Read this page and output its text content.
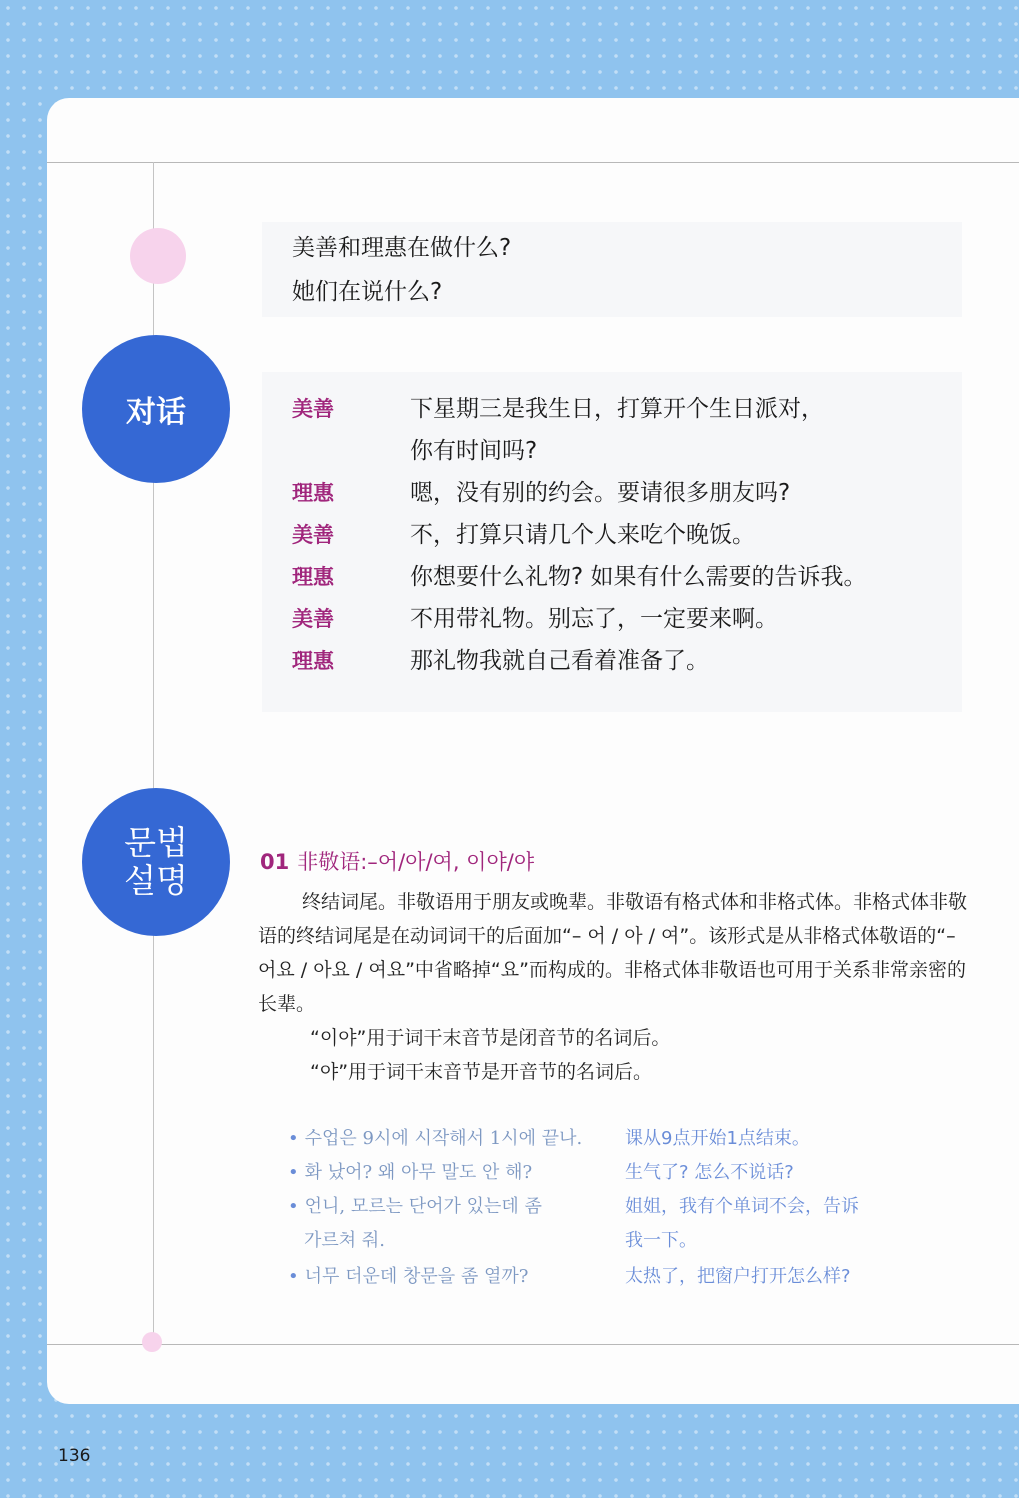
美善和理惠在做什么?
她们在说什么?
对话	美善	下星期三是我生日，打算开个生日派对，
你有时间吗?
理惠	嗯，没有别的约会。要请很多朋友吗?
美善	不，打算只请几个人来吃个晚饭。
理惠	你想要什么礼物? 如果有什么需要的告诉我。
美善	不用带礼物。别忘了，一定要来啊。
理惠	那礼物我就自己看着准备了。
문법
설명	01 非敬语:–어/아/여, 이야/야

终结词尾。非敬语用于朋友或晚辈。非敬语有格式体和非格式体。非格式体非敬语的终结词尾是在动词词干的后面加“– 어 / 아 / 여”。该形式是从非格式体敬语的“– 어요 / 아요 / 여요”中省略掉“요”而构成的。非格式体非敬语也可用于关系非常亲密的长辈。

“이야”用于词干末音节是闭音节的名词后。

“야”用于词干末音节是开音节的名词后。

• 수업은 9시에 시작해서 1시에 끝나.	课从9点开始1点结束。
• 화 났어? 왜 아무 말도 안 해?	生气了? 怎么不说话?
• 언니, 모르는 단어가 있는데 좀	姐姐，我有个单词不会，告诉
가르쳐 줘.	我一下。
• 너무 더운데 창문을 좀 열까?	太热了，把窗户打开怎么样?
136
